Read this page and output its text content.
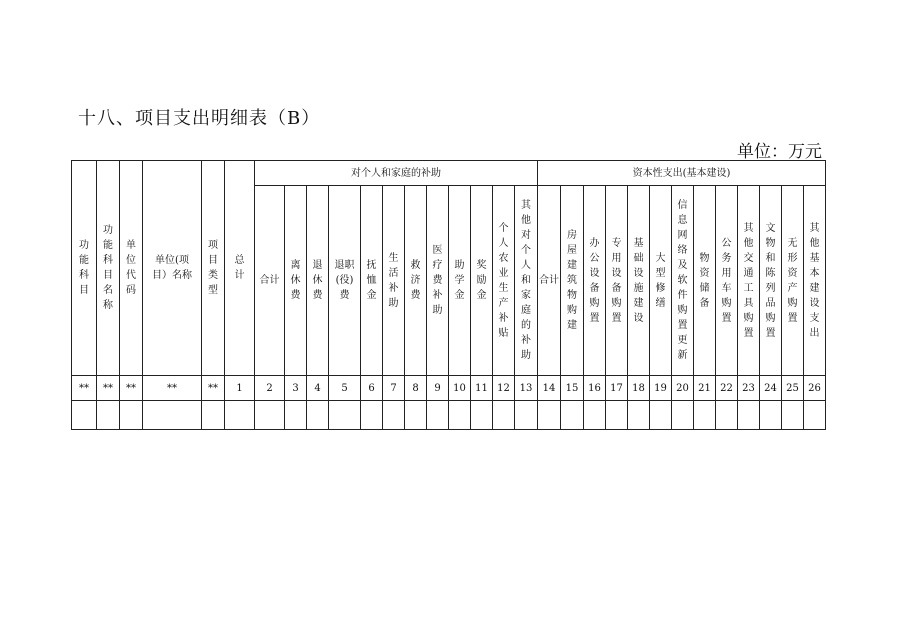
十八、项目支出明细表（B）
单位：万元
功能科目	功能科目名称	单位代码	单位(项目）名称	项目类型	总计	对个人和家庭的补助												资本性支出(基本建设)												
						合计	离休费	退休费	退职(役)费	抚恤金	生活补助	救济费	医疗费补助	助学金	奖励金	个人农业生产补贴	其他对个人和家庭的补助	合计	房屋建筑物购建	办公设备购置	专用设备购置	基础设施建设	大型修缮	信息网络及软件购置更新	物资储备	公务用车购置	其他交通工具购置	文物和陈列品购置	无形资产购置	其他基本建设支出
**	**	**	**	**	1	2	3	4	5	6	7	8	9	10	11	12	13	14	15	16	17	18	19	20	21	22	23	24	25	26
